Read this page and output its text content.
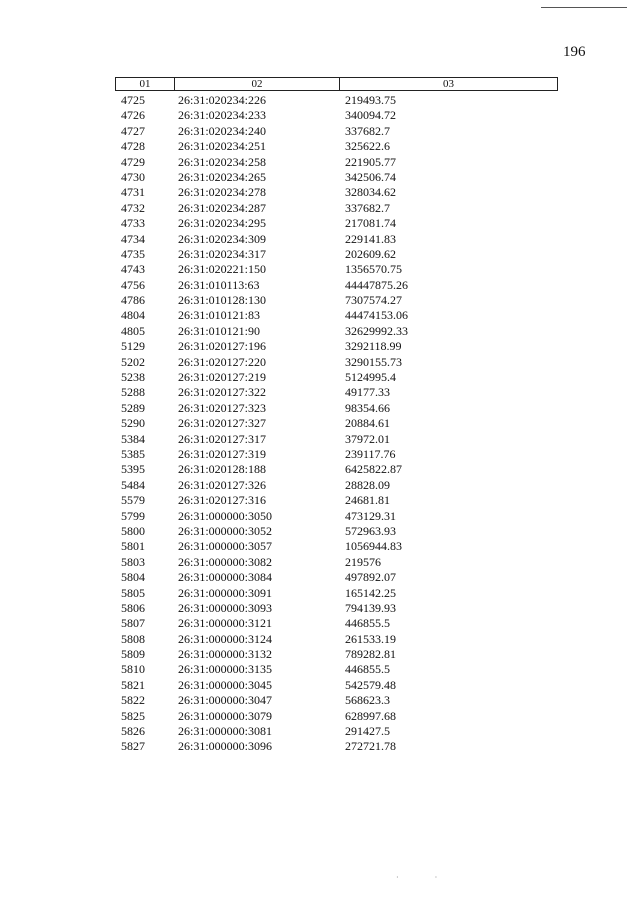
196
01	02	03
4725	26:31:020234:226	219493.75
4726	26:31:020234:233	340094.72
4727	26:31:020234:240	337682.7
4728	26:31:020234:251	325622.6
4729	26:31:020234:258	221905.77
4730	26:31:020234:265	342506.74
4731	26:31:020234:278	328034.62
4732	26:31:020234:287	337682.7
4733	26:31:020234:295	217081.74
4734	26:31:020234:309	229141.83
4735	26:31:020234:317	202609.62
4743	26:31:020221:150	1356570.75
4756	26:31:010113:63	44447875.26
4786	26:31:010128:130	7307574.27
4804	26:31:010121:83	44474153.06
4805	26:31:010121:90	32629992.33
5129	26:31:020127:196	3292118.99
5202	26:31:020127:220	3290155.73
5238	26:31:020127:219	5124995.4
5288	26:31:020127:322	49177.33
5289	26:31:020127:323	98354.66
5290	26:31:020127:327	20884.61
5384	26:31:020127:317	37972.01
5385	26:31:020127:319	239117.76
5395	26:31:020128:188	6425822.87
5484	26:31:020127:326	28828.09
5579	26:31:020127:316	24681.81
5799	26:31:000000:3050	473129.31
5800	26:31:000000:3052	572963.93
5801	26:31:000000:3057	1056944.83
5803	26:31:000000:3082	219576
5804	26:31:000000:3084	497892.07
5805	26:31:000000:3091	165142.25
5806	26:31:000000:3093	794139.93
5807	26:31:000000:3121	446855.5
5808	26:31:000000:3124	261533.19
5809	26:31:000000:3132	789282.81
5810	26:31:000000:3135	446855.5
5821	26:31:000000:3045	542579.48
5822	26:31:000000:3047	568623.3
5825	26:31:000000:3079	628997.68
5826	26:31:000000:3081	291427.5
5827	26:31:000000:3096	272721.78
·                  ·
